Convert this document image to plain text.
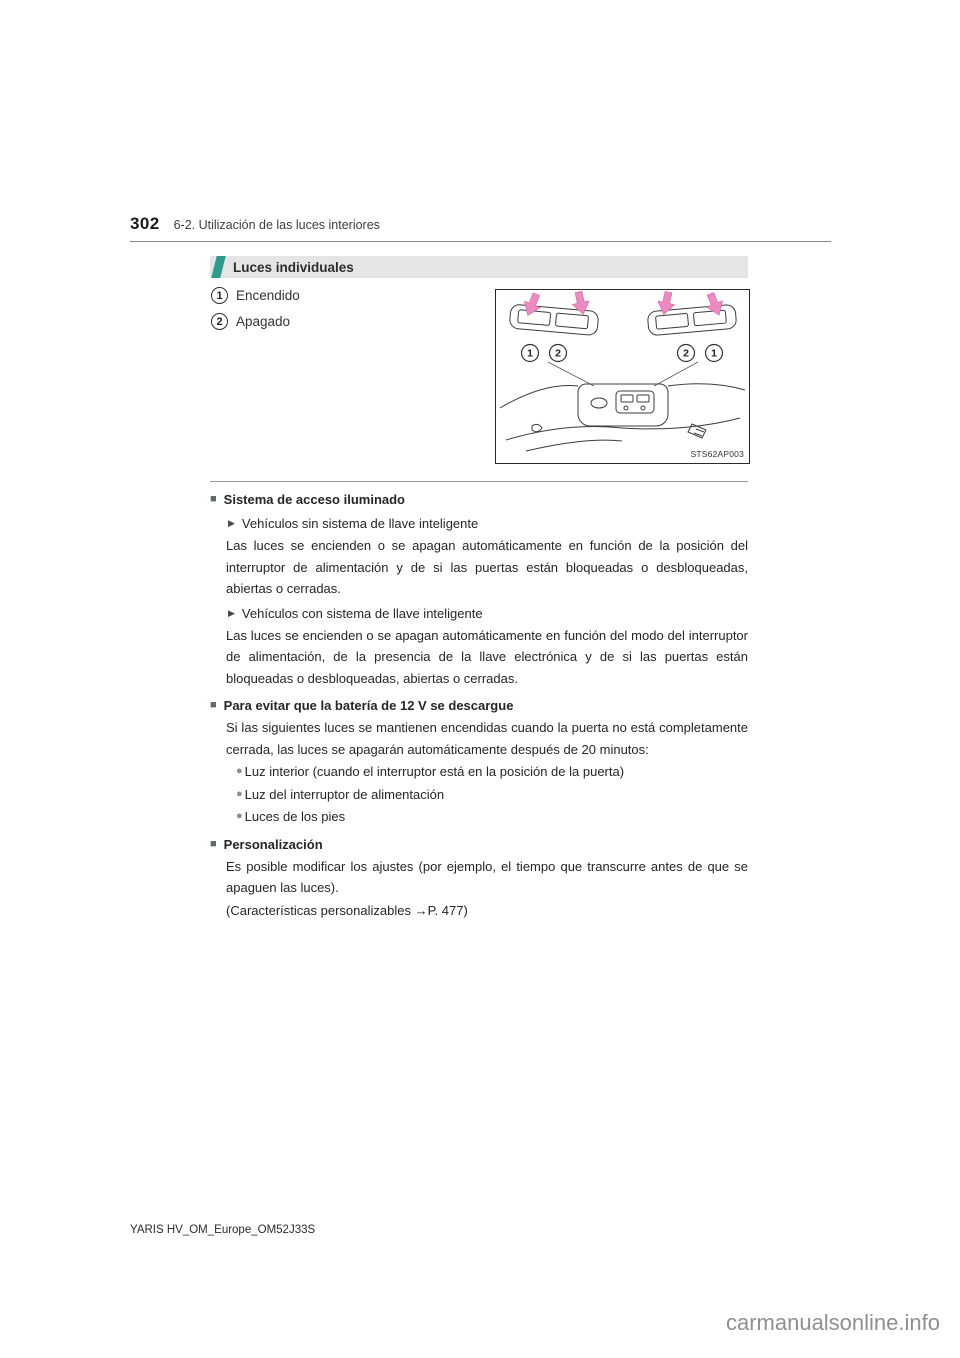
302 6-2. Utilización de las luces interiores
Luces individuales
1 Encendido
2 Apagado
1 2	2 1
STS62AP003
■ Sistema de acceso iluminado
▶ Vehículos sin sistema de llave inteligente

Las luces se encienden o se apagan automáticamente en función de la posición del interruptor de alimentación y de si las puertas están bloqueadas o desbloqueadas, abiertas o cerradas.

▶ Vehículos con sistema de llave inteligente

Las luces se encienden o se apagan automáticamente en función del modo del interruptor de alimentación, de la presencia de la llave electrónica y de si las puertas están bloqueadas o desbloqueadas, abiertas o cerradas.

■ Para evitar que la batería de 12 V se descargue

Si las siguientes luces se mantienen encendidas cuando la puerta no está completamente cerrada, las luces se apagarán automáticamente después de 20 minutos:

● Luz interior (cuando el interruptor está en la posición de la puerta)
● Luz del interruptor de alimentación
● Luces de los pies
■ Personalización

Es posible modificar los ajustes (por ejemplo, el tiempo que transcurre antes de que se apaguen las luces).

(Características personalizables →P. 477)

YARIS HV_OM_Europe_OM52J33S
carmanualsonline.info
